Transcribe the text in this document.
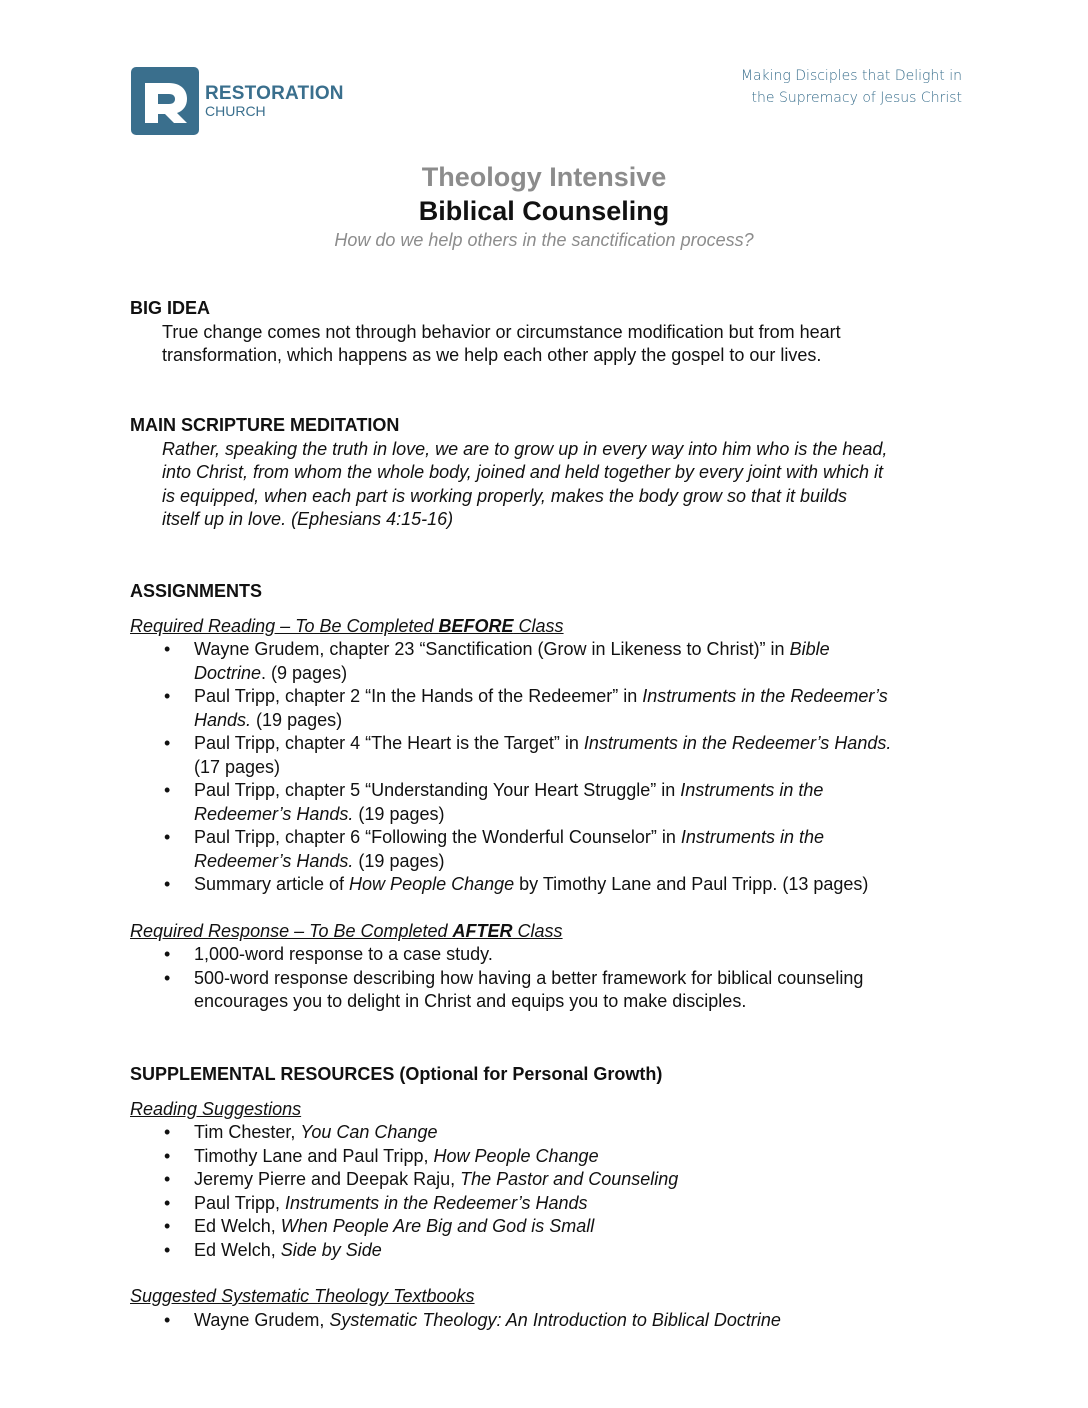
RESTORATION
CHURCH
Making Disciples that Delight in
the Supremacy of Jesus Christ
Theology Intensive
Biblical Counseling
How do we help others in the sanctification process?
BIG IDEA
True change comes not through behavior or circumstance modification but from heart
transformation, which happens as we help each other apply the gospel to our lives.
MAIN SCRIPTURE MEDITATION
Rather, speaking the truth in love, we are to grow up in every way into him who is the head,
into Christ, from whom the whole body, joined and held together by every joint with which it
is equipped, when each part is working properly, makes the body grow so that it builds
itself up in love. (Ephesians 4:15-16)
ASSIGNMENTS
Required Reading – To Be Completed BEFORE Class
• Wayne Grudem, chapter 23 “Sanctification (Grow in Likeness to Christ)” in Bible
Doctrine. (9 pages)
• Paul Tripp, chapter 2 “In the Hands of the Redeemer” in Instruments in the Redeemer’s
Hands. (19 pages)
• Paul Tripp, chapter 4 “The Heart is the Target” in Instruments in the Redeemer’s Hands.
(17 pages)
• Paul Tripp, chapter 5 “Understanding Your Heart Struggle” in Instruments in the
Redeemer’s Hands. (19 pages)
• Paul Tripp, chapter 6 “Following the Wonderful Counselor” in Instruments in the
Redeemer’s Hands. (19 pages)
• Summary article of How People Change by Timothy Lane and Paul Tripp. (13 pages)
Required Response – To Be Completed AFTER Class
• 1,000-word response to a case study.
• 500-word response describing how having a better framework for biblical counseling
encourages you to delight in Christ and equips you to make disciples.
SUPPLEMENTAL RESOURCES (Optional for Personal Growth)
Reading Suggestions
• Tim Chester, You Can Change
• Timothy Lane and Paul Tripp, How People Change
• Jeremy Pierre and Deepak Raju, The Pastor and Counseling
• Paul Tripp, Instruments in the Redeemer’s Hands
• Ed Welch, When People Are Big and God is Small
• Ed Welch, Side by Side
Suggested Systematic Theology Textbooks
• Wayne Grudem, Systematic Theology: An Introduction to Biblical Doctrine
